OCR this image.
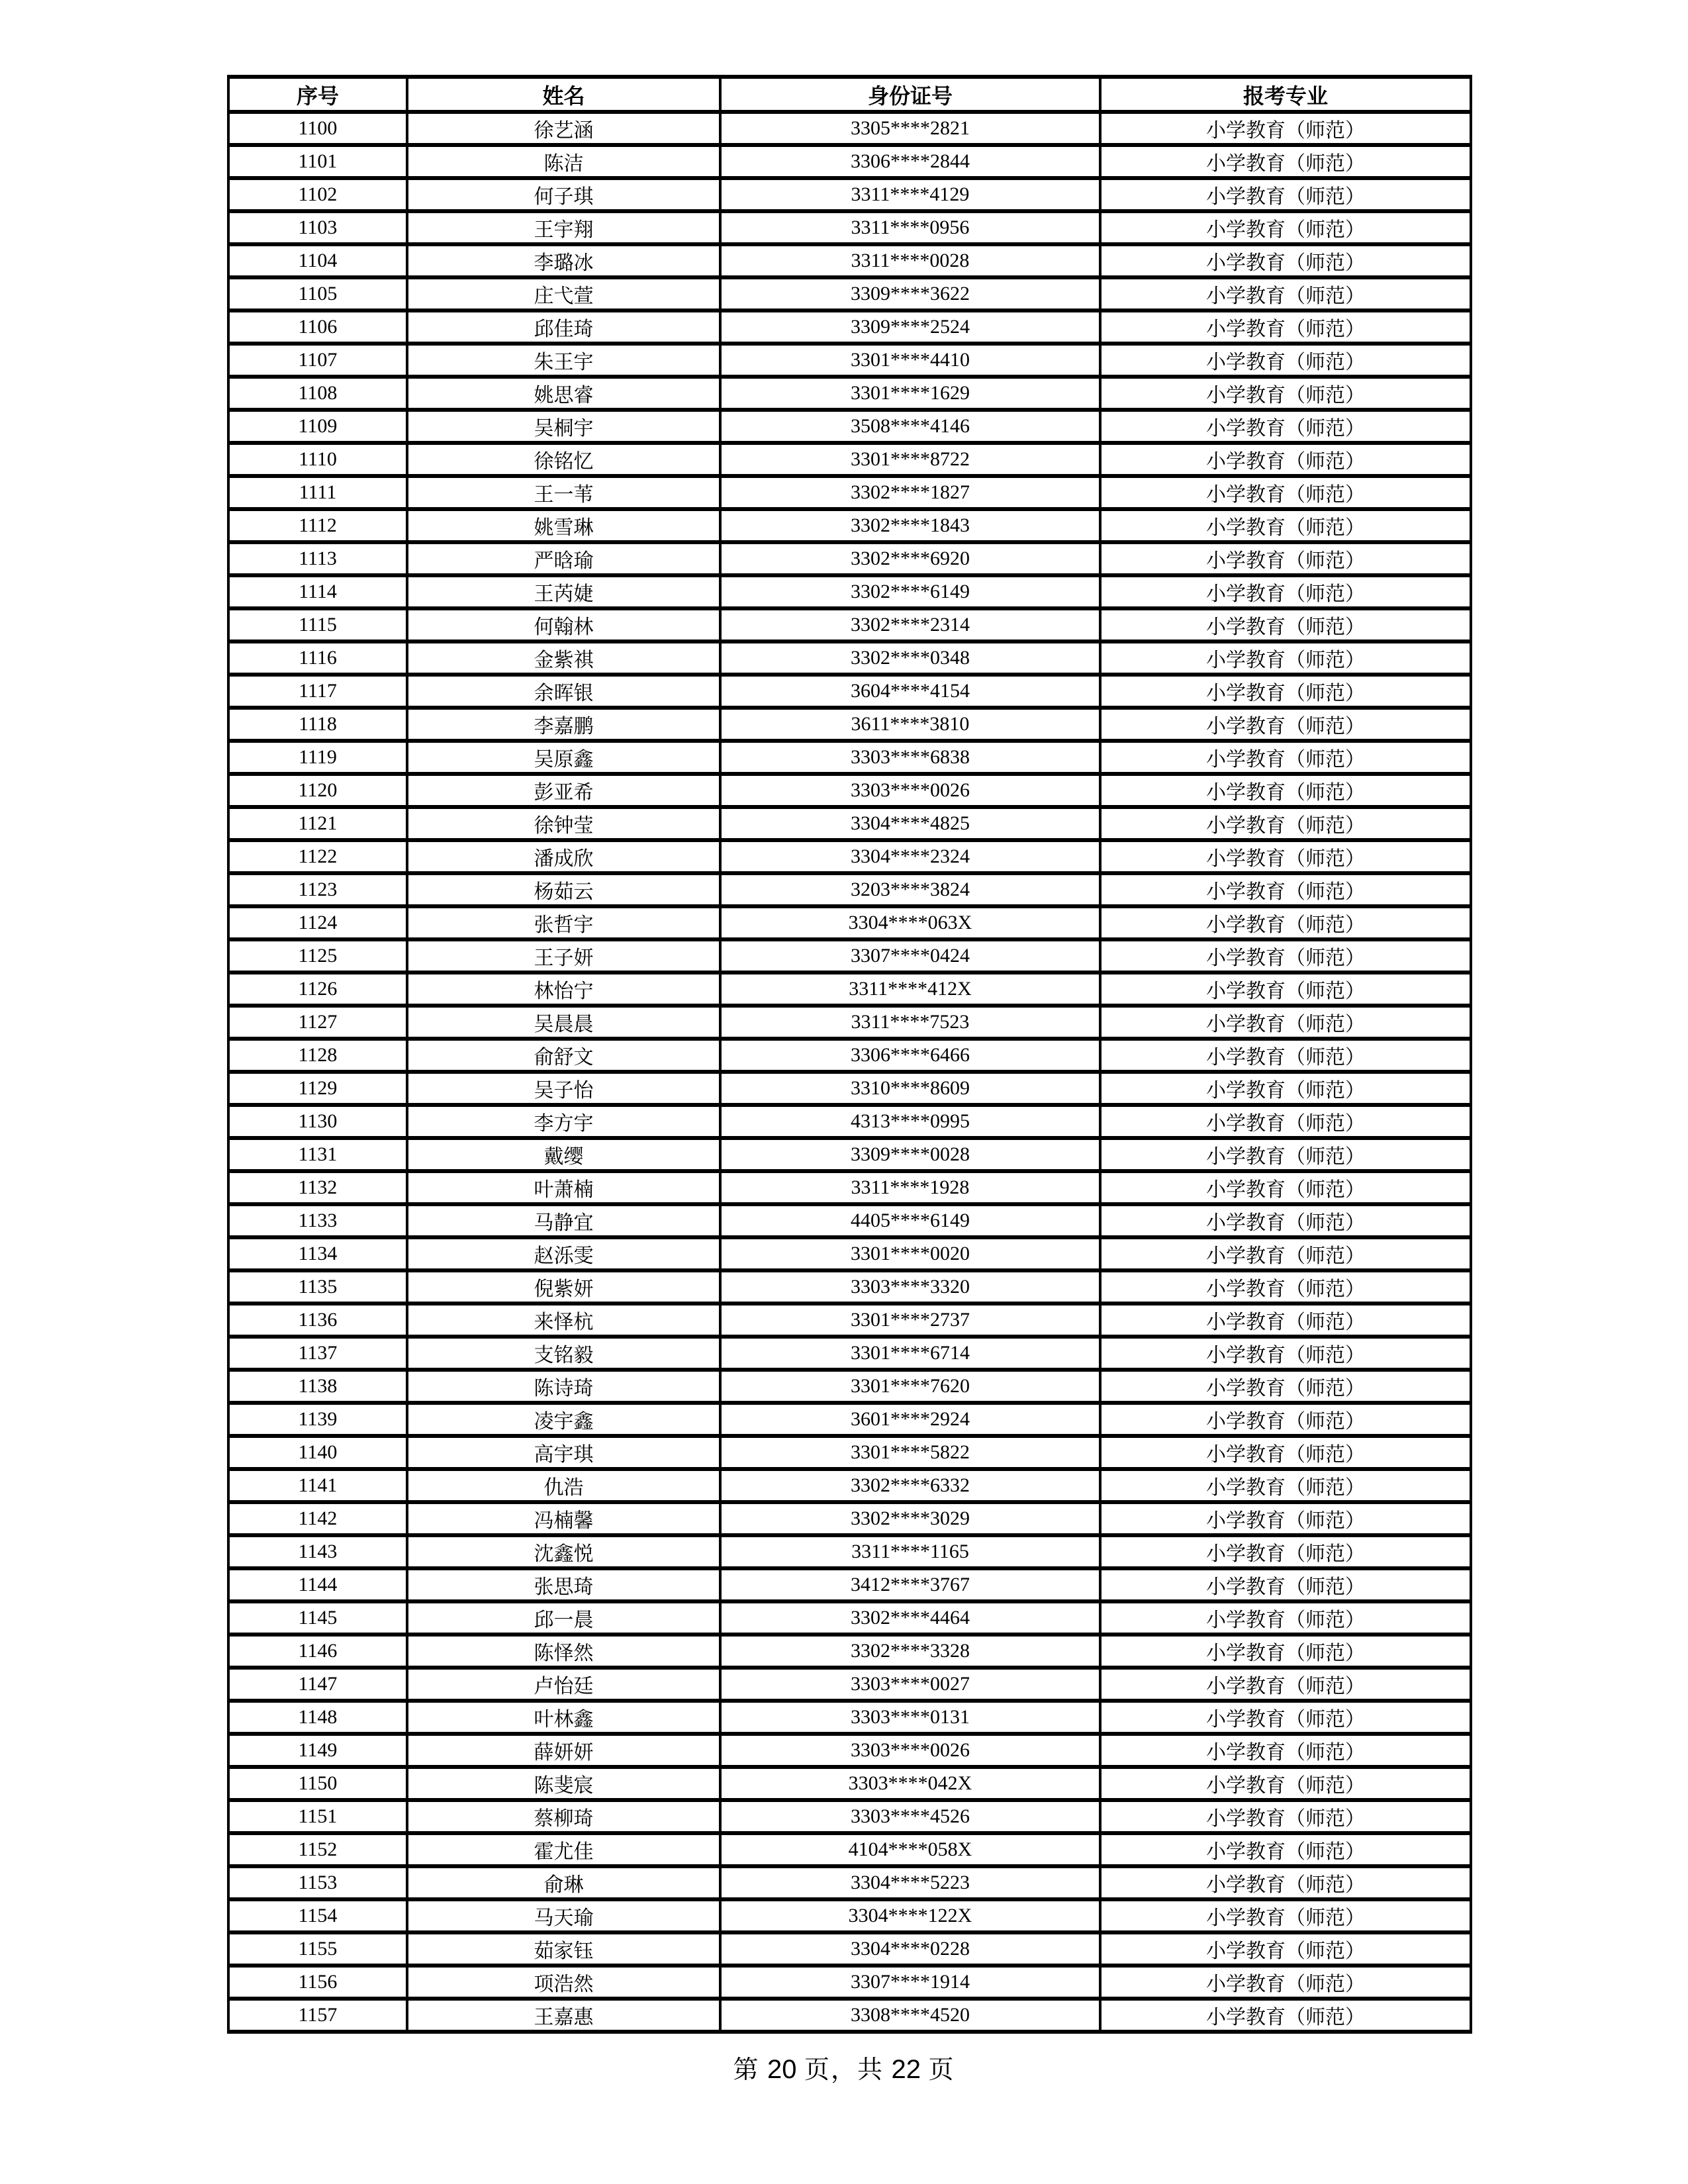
序号	姓名	身份证号	报考专业
1100	徐艺涵	3305****2821	小学教育（师范）
1101	陈洁	3306****2844	小学教育（师范）
1102	何子琪	3311****4129	小学教育（师范）
1103	王宇翔	3311****0956	小学教育（师范）
1104	李璐冰	3311****0028	小学教育（师范）
1105	庄弋萱	3309****3622	小学教育（师范）
1106	邱佳琦	3309****2524	小学教育（师范）
1107	朱王宇	3301****4410	小学教育（师范）
1108	姚思睿	3301****1629	小学教育（师范）
1109	吴桐宇	3508****4146	小学教育（师范）
1110	徐铭忆	3301****8722	小学教育（师范）
1111	王一苇	3302****1827	小学教育（师范）
1112	姚雪琳	3302****1843	小学教育（师范）
1113	严晗瑜	3302****6920	小学教育（师范）
1114	王芮婕	3302****6149	小学教育（师范）
1115	何翰林	3302****2314	小学教育（师范）
1116	金紫祺	3302****0348	小学教育（师范）
1117	余晖银	3604****4154	小学教育（师范）
1118	李嘉鹏	3611****3810	小学教育（师范）
1119	吴原鑫	3303****6838	小学教育（师范）
1120	彭亚希	3303****0026	小学教育（师范）
1121	徐钟莹	3304****4825	小学教育（师范）
1122	潘成欣	3304****2324	小学教育（师范）
1123	杨茹云	3203****3824	小学教育（师范）
1124	张哲宇	3304****063X	小学教育（师范）
1125	王子妍	3307****0424	小学教育（师范）
1126	林怡宁	3311****412X	小学教育（师范）
1127	吴晨晨	3311****7523	小学教育（师范）
1128	俞舒文	3306****6466	小学教育（师范）
1129	吴子怡	3310****8609	小学教育（师范）
1130	李方宇	4313****0995	小学教育（师范）
1131	戴缨	3309****0028	小学教育（师范）
1132	叶萧楠	3311****1928	小学教育（师范）
1133	马静宜	4405****6149	小学教育（师范）
1134	赵泺雯	3301****0020	小学教育（师范）
1135	倪紫妍	3303****3320	小学教育（师范）
1136	来怿杭	3301****2737	小学教育（师范）
1137	支铭毅	3301****6714	小学教育（师范）
1138	陈诗琦	3301****7620	小学教育（师范）
1139	凌宇鑫	3601****2924	小学教育（师范）
1140	高宇琪	3301****5822	小学教育（师范）
1141	仇浩	3302****6332	小学教育（师范）
1142	冯楠馨	3302****3029	小学教育（师范）
1143	沈鑫悦	3311****1165	小学教育（师范）
1144	张思琦	3412****3767	小学教育（师范）
1145	邱一晨	3302****4464	小学教育（师范）
1146	陈怿然	3302****3328	小学教育（师范）
1147	卢怡廷	3303****0027	小学教育（师范）
1148	叶林鑫	3303****0131	小学教育（师范）
1149	薛妍妍	3303****0026	小学教育（师范）
1150	陈斐宸	3303****042X	小学教育（师范）
1151	蔡柳琦	3303****4526	小学教育（师范）
1152	霍尤佳	4104****058X	小学教育（师范）
1153	俞琳	3304****5223	小学教育（师范）
1154	马天瑜	3304****122X	小学教育（师范）
1155	茹家钰	3304****0228	小学教育（师范）
1156	项浩然	3307****1914	小学教育（师范）
1157	王嘉惠	3308****4520	小学教育（师范）
第 20 页，共 22 页
